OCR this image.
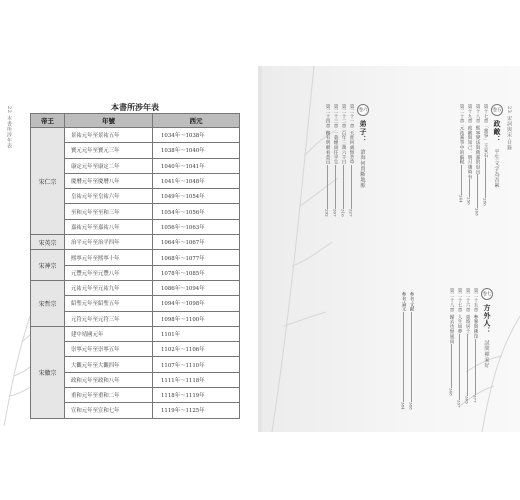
22 本書所涉年表
本書所涉年表
帝王	年號	西元
宋仁宗	景祐元年至景祐五年	1034年～1038年
	寶元元年至寶元三年	1038年～1040年
	康定元年至康定二年	1040年～1041年
	慶曆元年至慶曆八年	1041年～1048年
	皇祐元年至皇祐六年	1049年～1054年
	至和元年至至和三年	1054年～1056年
	嘉祐元年至嘉祐八年	1056年～1063年
宋英宗	治平元年至治平四年	1064年～1067年
宋神宗	熙寧元年至熙寧十年	1068年～1077年
	元豐元年至元豐八年	1078年～1085年
宋哲宗	元祐元年至元祐九年	1086年～1094年
	紹聖元年至紹聖五年	1094年～1098年
	元符元年至元符三年	1098年～1100年
宋徽宗	建中靖國元年	1101年
	崇寧元年至崇寧五年	1102年～1106年
	大觀元年至大觀四年	1107年～1110年
	政和元年至政和八年	1111年～1118年
	重和元年至重和二年	1118年～1119年
	宣和元年至宣和七年	1119年～1125年
23 宋詞與宋·目錄
卷五
政敵：
平生文字為吾累
第十七章「黨爭」王安石
286
第十八章 熙寧變法與舊黨的退出
268
第十九章 政敵與知己：明月幾時有
256
第二十章 元祐黨爭中的蘇軾
244
卷六
弟子：
滄海何曾斷地脈
第二十一章 天涯何處無芳草
327
第二十二章 百年三萬六千日
316
第二十三章 一蓑煙雨任平生
307
第二十四章 賴有明朝看莫山
292
卷七
方外人：
試問禪家好
第二十五章 參寥與佛印
377
第二十六章 東坡居士
365
第二十七章 人生如夢
357
第二十八章 歸去也無風雨
348
參考文獻
388
參考論文
384
